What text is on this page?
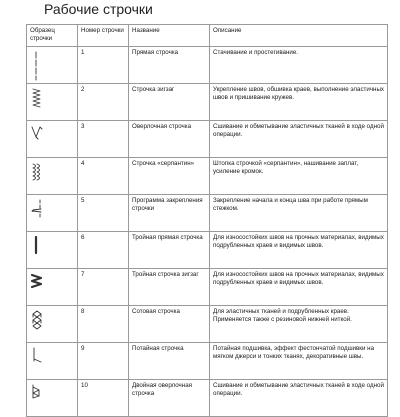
Рабочие строчки
Образец строчки	Номер строчки	Название	Описание

	1	Прямая строчка	Стачивание и простегивание.

	2	Строчка зигзаг	Укрепление швов, обшивка краев, выполнение эластичных швов и пришивание кружев.

	3	Оверлочная строчка	Сшивание и обметывание эластичных тканей в ходе одной операции.

	4	Строчка «серпантин»	Штопка строчкой «серпантин», нашивание заплат, усиление кромок.

	5	Программа закрепления строчки	Закрепление начала и конца шва при работе прямым стежком.

	6	Тройная прямая строчка	Для износостойких швов на прочных материалах, видимых подрубленных краев и видимых швов.

	7	Тройная строчка зигзаг	Для износостойких швов на прочных материалах, видимых подрубленных краев и видимых швов.

	8	Сотовая строчка	Для эластичных тканей и подрубленных краев. Применяется также с резиновой нижней ниткой.

	9	Потайная строчка	Потайная подшивка, эффект фестончатой подшивки на мягком джерси и тонких тканях, декоративные швы.

	10	Двойная оверлочная строчка	Сшивание и обметывание эластичных тканей в ходе одной операции.
